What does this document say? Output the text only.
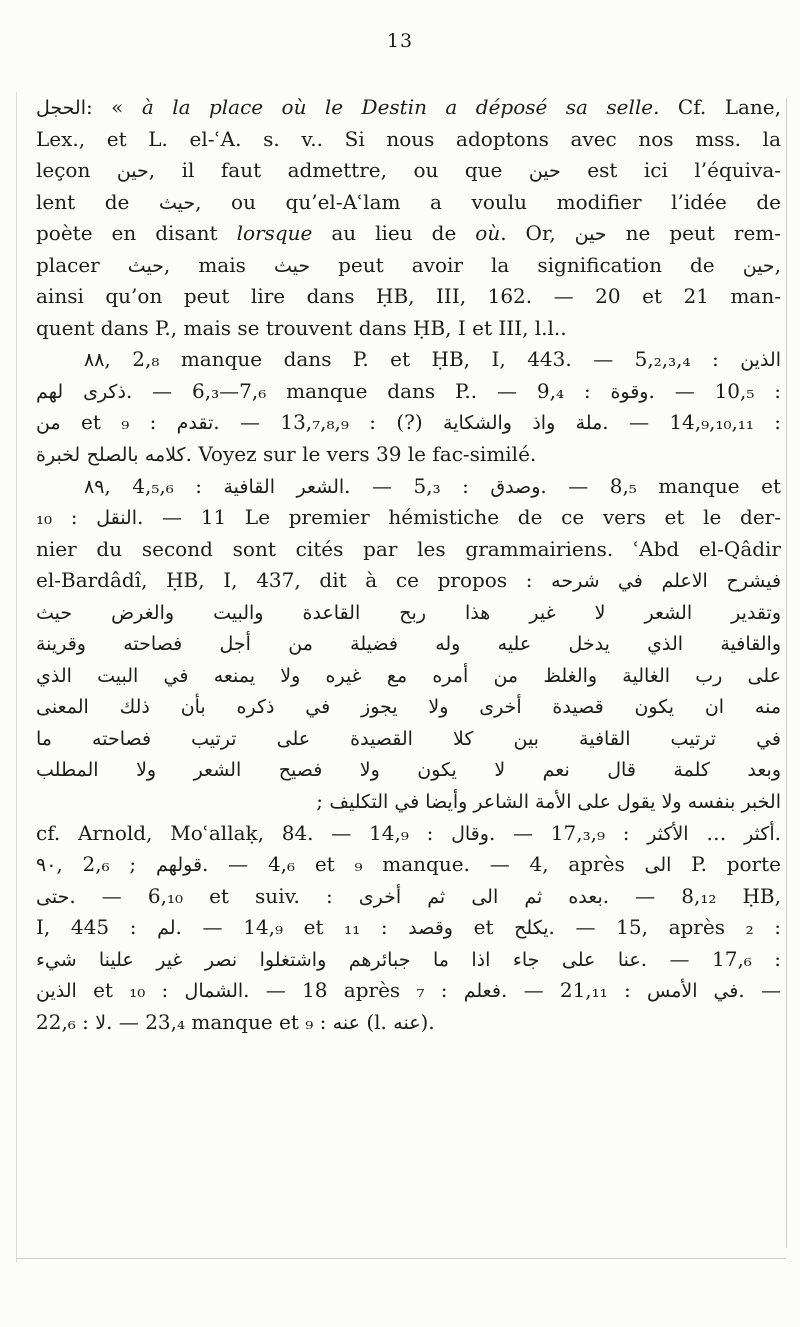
13
الحجل: « à la place où le Destin a déposé sa selle. Cf. Lane,
Lex., et L. el-ʿA. s. v.. Si nous adoptons avec nos mss. la
leçon حين, il faut admettre, ou que حين est ici l’équiva-
lent de حيث, ou qu’el-Aʿlam a voulu modifier l’idée de
poète en disant lorsque au lieu de où. Or, حين ne peut rem-
placer حيث, mais حيث peut avoir la signification de حين,
ainsi qu’on peut lire dans ḤB, III, 162. — 20 et 21 man-
quent dans P., mais se trouvent dans ḤB, I et III, l.l..
٨٨, 2,₈ manque dans P. et ḤB, I, 443. — 5,₂,₃,₄ : الذين
لهم ذكرى. — 6,₃—7,₆ manque dans P.. — 9,₄ : وقوة. — 10,₅ :
من et ₉ : تقدم. — 13,₇,₈,₉ : (?) والشكاية واذ ملة. — 14,₉,₁₀,₁₁ :
لخبرة بالصلح كلامه. Voyez sur le vers 39 le fac-similé.
٨٩, 4,₅,₆ : القافية الشعر. — 5,₃ : وصدق. — 8,₅ manque et
₁₀ : النقل. — 11 Le premier hémistiche de ce vers et le der-
nier du second sont cités par les grammairiens. ʿAbd el-Qâdir
el-Bardâdî, ḤB, I, 437, dit à ce propos : في شرحه الاعلم فيشرح
وتقدير الشعر لا غير هذا ربح القاعدة والبيت والغرض حيث
والقافية الذي يدخل عليه وله فضيلة من أجل فصاحته وقرينة
على رب الغالية والغلظ من أمره مع غيره ولا يمنعه في البيت الذي
منه ان يكون قصيدة أخرى ولا يجوز في ذكره بأن ذلك المعنى
في ترتيب القافية بين كلا القصيدة على ترتيب فصاحته ما
وبعد كلمة قال نعم لا يكون ولا فصيح الشعر ولا المطلب
الخبر بنفسه ولا يقول على الأمة الشاعر وأيضا في التكليف ;
cf. Arnold, Moʿallaḳ, 84. — 14,₉ : وقال. — 17,₃,₉ : الأكثر … أكثر.
٩٠, 2,₆ ; قولهم. — 4,₆ et ₉ manque. — 4, après الى P. porte
حتى. — 6,₁₀ et suiv. : أخرى ثم الى ثم بعده. — 8,₁₂ ḤB,
I, 445 : لم. — 14,₉ et ₁₁ : وقصد et يكلح. — 15, après ₂ :
علينا شيء غير نصر واشتغلوا جبائرهم ما اذا جاء على عنا. — 17,₆ :
الذين et ₁₀ : الشمال. — 18 après ₇ : فعلم. — 21,₁₁ : في الأمس. —
22,₆ : لا. — 23,₄ manque et ₉ : عنه (l. عنه).
